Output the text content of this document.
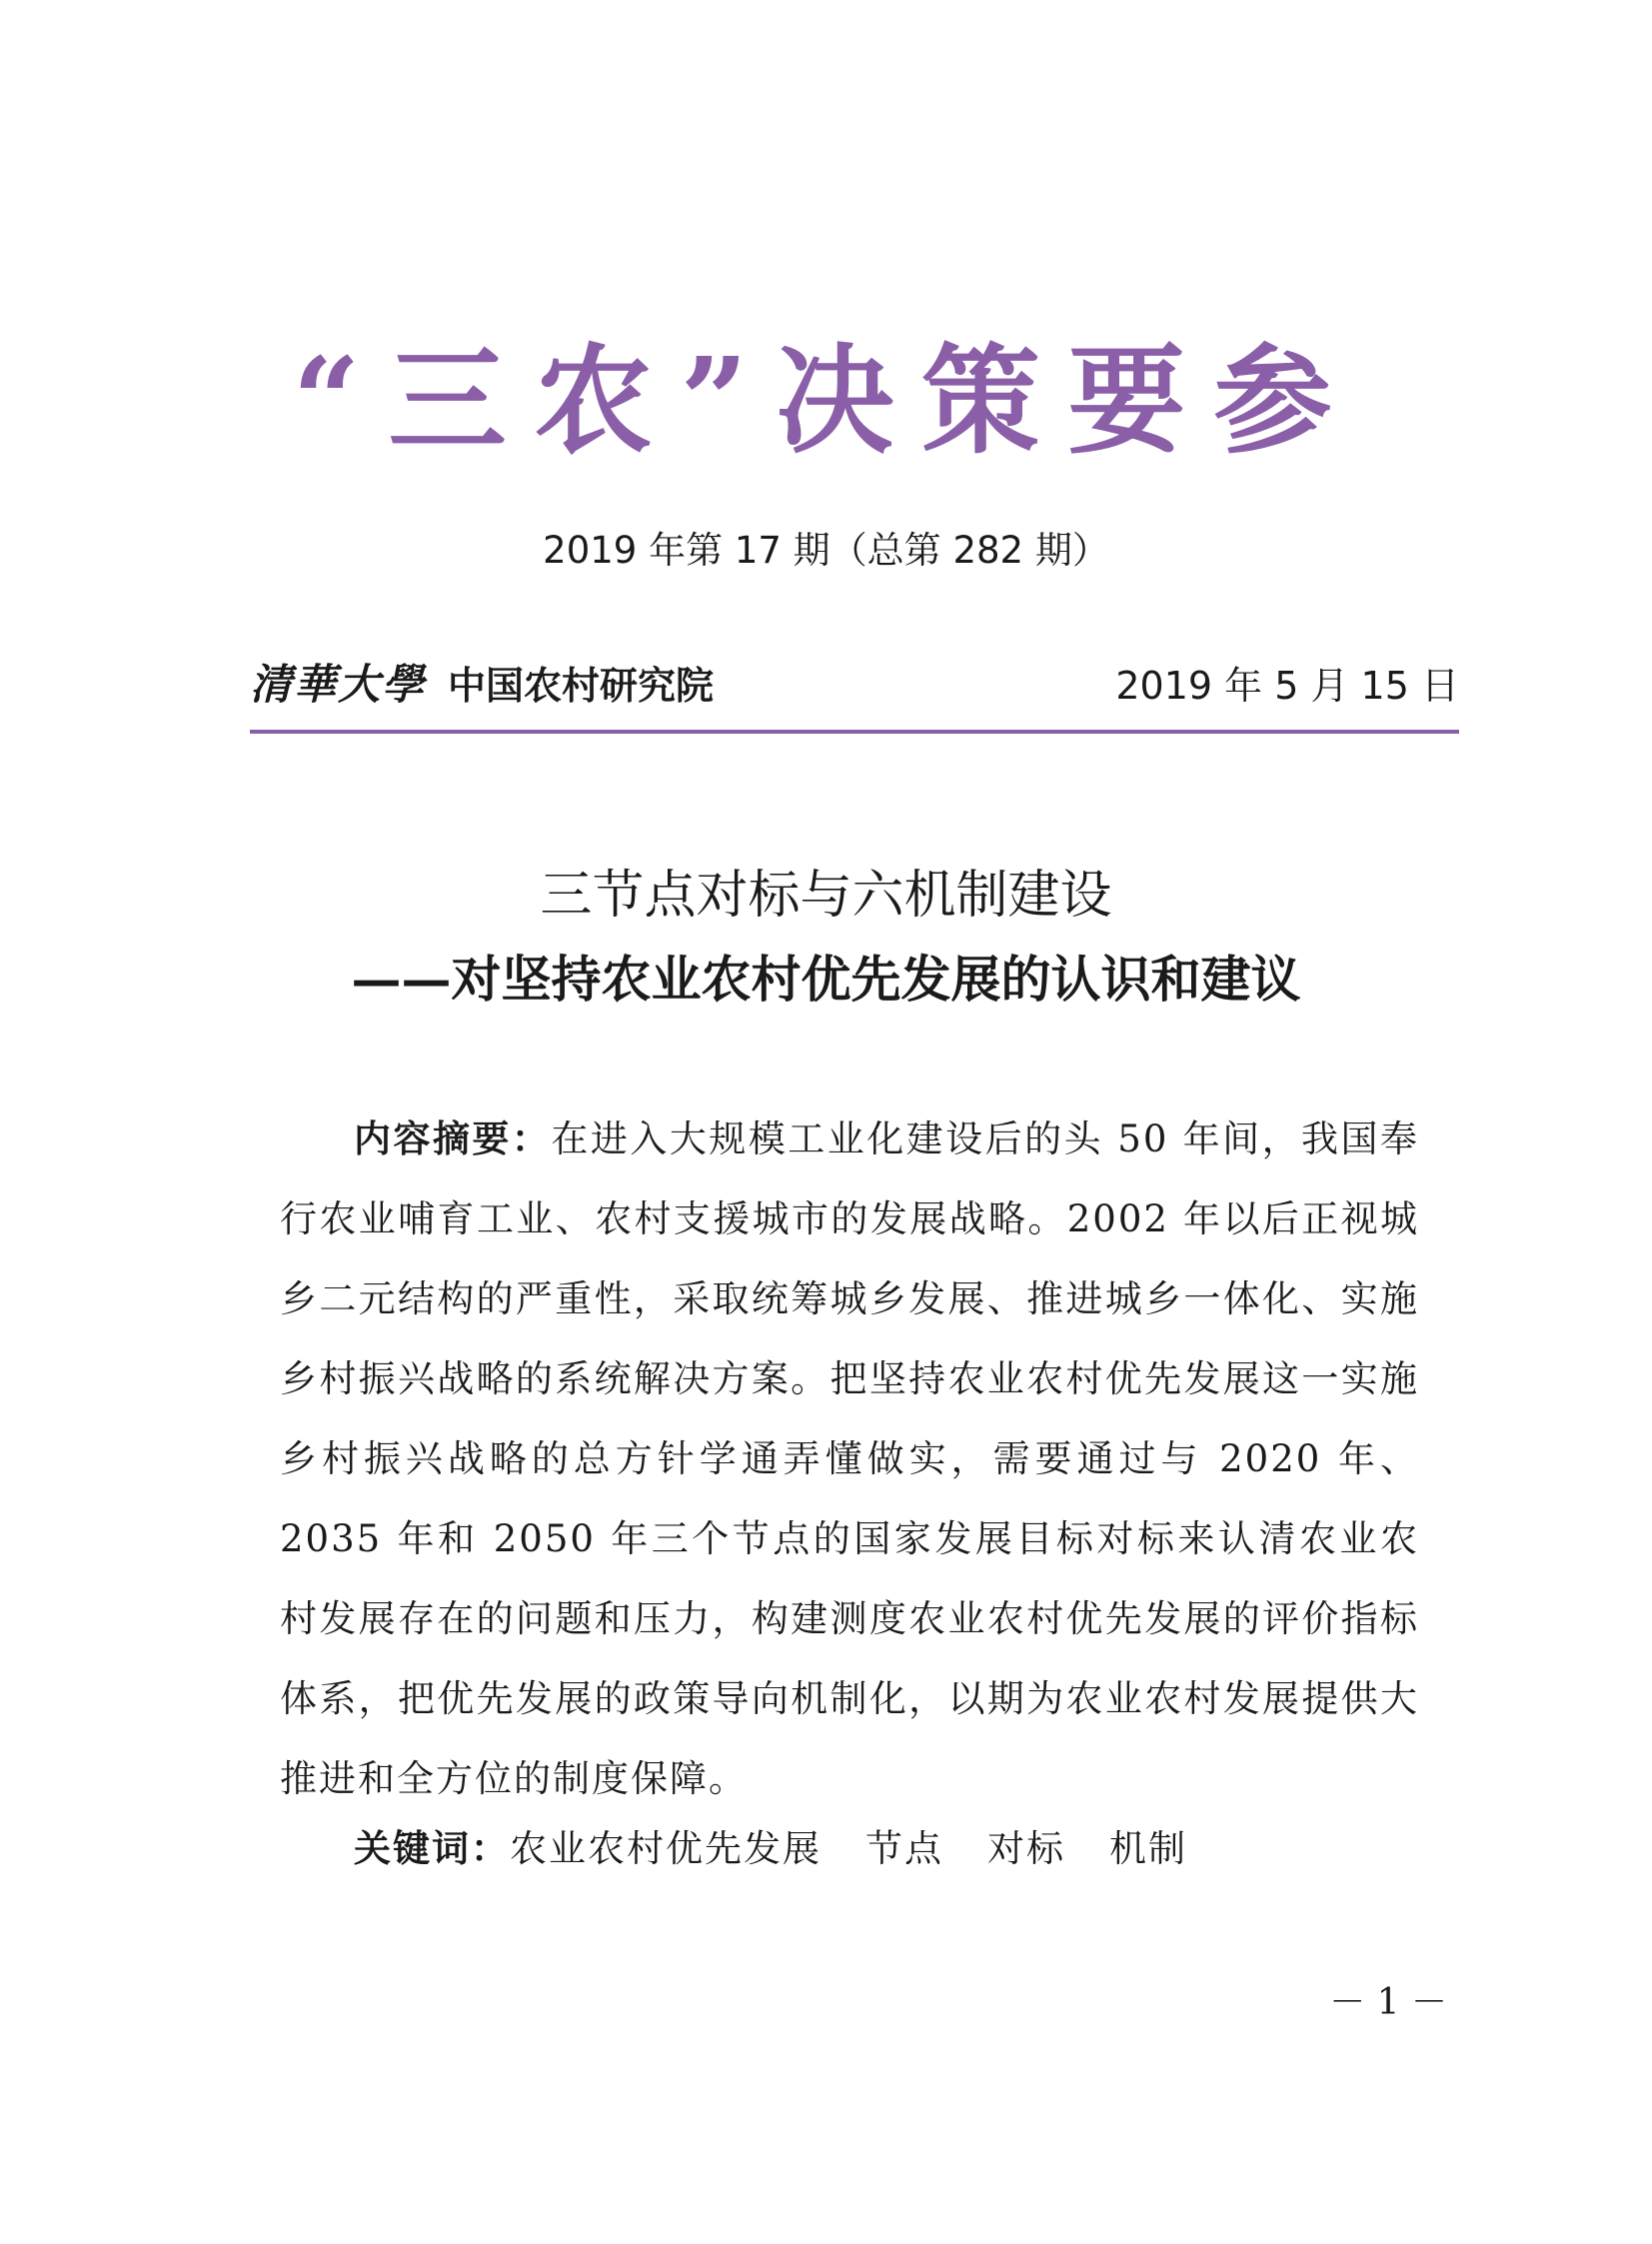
“三农”决策要参
2019 年第 17 期（总第 282 期）
清華大學 中国农村研究院	2019 年 5 月 15 日
三节点对标与六机制建设
——对坚持农业农村优先发展的认识和建议
内容摘要：在进入大规模工业化建设后的头 50 年间，我国奉行农业哺育工业、农村支援城市的发展战略。2002 年以后正视城乡二元结构的严重性，采取统筹城乡发展、推进城乡一体化、实施乡村振兴战略的系统解决方案。把坚持农业农村优先发展这一实施乡村振兴战略的总方针学通弄懂做实，需要通过与 2020 年、2035 年和 2050 年三个节点的国家发展目标对标来认清农业农村发展存在的问题和压力，构建测度农业农村优先发展的评价指标体系，把优先发展的政策导向机制化，以期为农业农村发展提供大推进和全方位的制度保障。
关键词：农业农村优先发展 节点 对标 机制
－ 1 －
